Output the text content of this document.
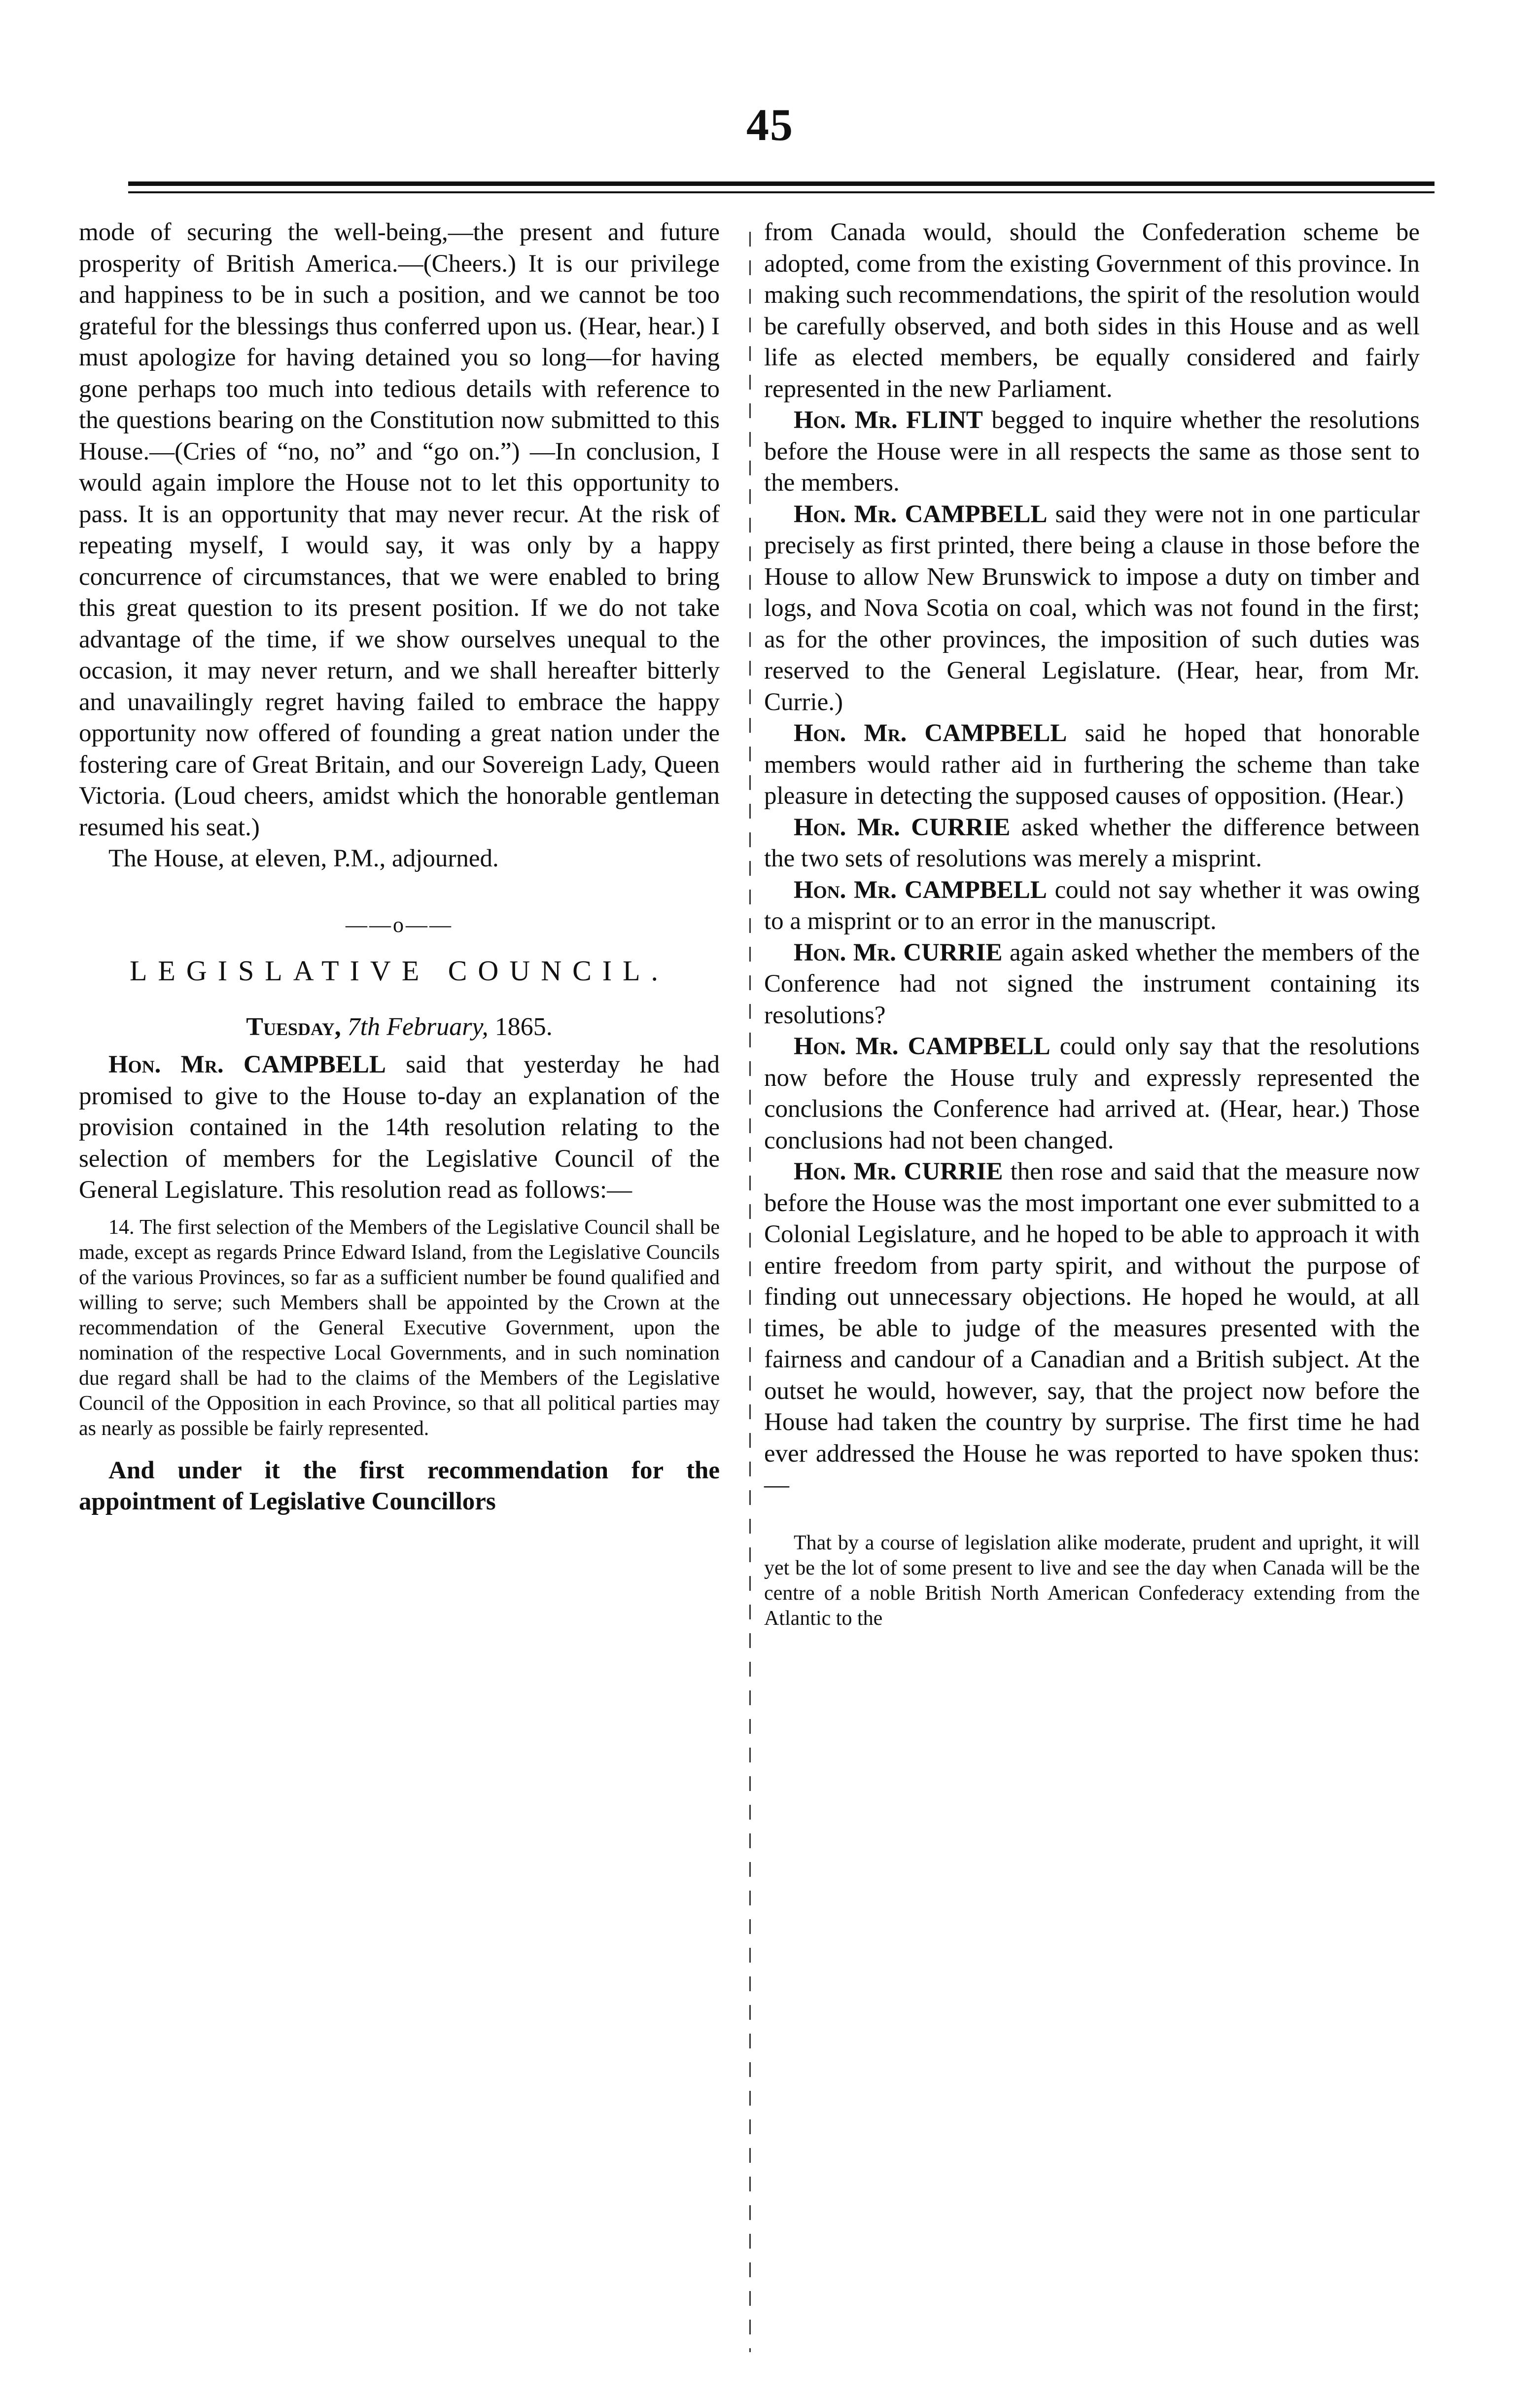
45

mode of securing the well-being,—the present and future prosperity of British America.—(Cheers.) It is our privilege and happiness to be in such a position, and we cannot be too grateful for the blessings thus conferred upon us. (Hear, hear.) I must apologize for having detained you so long—for having gone perhaps too much into tedious details with reference to the questions bearing on the Constitution now submitted to this House.—(Cries of “no, no” and “go on.”) —In conclusion, I would again implore the House not to let this opportunity to pass. It is an opportunity that may never recur. At the risk of repeating myself, I would say, it was only by a happy concurrence of circumstances, that we were enabled to bring this great question to its present position. If we do not take advantage of the time, if we show ourselves unequal to the occasion, it may never return, and we shall hereafter bitterly and unavailingly regret having failed to embrace the happy opportunity now offered of founding a great nation under the fostering care of Great Britain, and our Sovereign Lady, Queen Victoria. (Loud cheers, amidst which the honorable gentleman resumed his seat.)

The House, at eleven, P.M., adjourned.

——o——
LEGISLATIVE COUNCIL.
Tuesday, 7th February, 1865.

Hon. Mr. CAMPBELL said that yesterday he had promised to give to the House to-day an explanation of the provision contained in the 14th resolution relating to the selection of members for the Legislative Council of the General Legislature. This resolution read as follows:—

14. The first selection of the Members of the Legislative Council shall be made, except as regards Prince Edward Island, from the Legislative Councils of the various Provinces, so far as a sufficient number be found qualified and willing to serve; such Members shall be appointed by the Crown at the recommendation of the General Executive Government, upon the nomination of the respective Local Governments, and in such nomination due regard shall be had to the claims of the Members of the Legislative Council of the Opposition in each Province, so that all political parties may as nearly as possible be fairly represented.

And under it the first recommendation for the appointment of Legislative Councillors

from Canada would, should the Confederation scheme be adopted, come from the existing Government of this province. In making such recommendations, the spirit of the resolution would be carefully observed, and both sides in this House and as well life as elected members, be equally considered and fairly represented in the new Parliament.

Hon. Mr. FLINT begged to inquire whether the resolutions before the House were in all respects the same as those sent to the members.

Hon. Mr. CAMPBELL said they were not in one particular precisely as first printed, there being a clause in those before the House to allow New Brunswick to impose a duty on timber and logs, and Nova Scotia on coal, which was not found in the first; as for the other provinces, the imposition of such duties was reserved to the General Legislature. (Hear, hear, from Mr. Currie.)

Hon. Mr. CAMPBELL said he hoped that honorable members would rather aid in furthering the scheme than take pleasure in detecting the supposed causes of opposition. (Hear.)

Hon. Mr. CURRIE asked whether the difference between the two sets of resolutions was merely a misprint.

Hon. Mr. CAMPBELL could not say whether it was owing to a misprint or to an error in the manuscript.

Hon. Mr. CURRIE again asked whether the members of the Conference had not signed the instrument containing its resolutions?

Hon. Mr. CAMPBELL could only say that the resolutions now before the House truly and expressly represented the conclusions the Conference had arrived at. (Hear, hear.) Those conclusions had not been changed.

Hon. Mr. CURRIE then rose and said that the measure now before the House was the most important one ever submitted to a Colonial Legislature, and he hoped to be able to approach it with entire freedom from party spirit, and without the purpose of finding out unnecessary objections. He hoped he would, at all times, be able to judge of the measures presented with the fairness and candour of a Canadian and a British subject. At the outset he would, however, say, that the project now before the House had taken the country by surprise. The first time he had ever addressed the House he was reported to have spoken thus:—

That by a course of legislation alike moderate, prudent and upright, it will yet be the lot of some present to live and see the day when Canada will be the centre of a noble British North American Confederacy extending from the Atlantic to the
